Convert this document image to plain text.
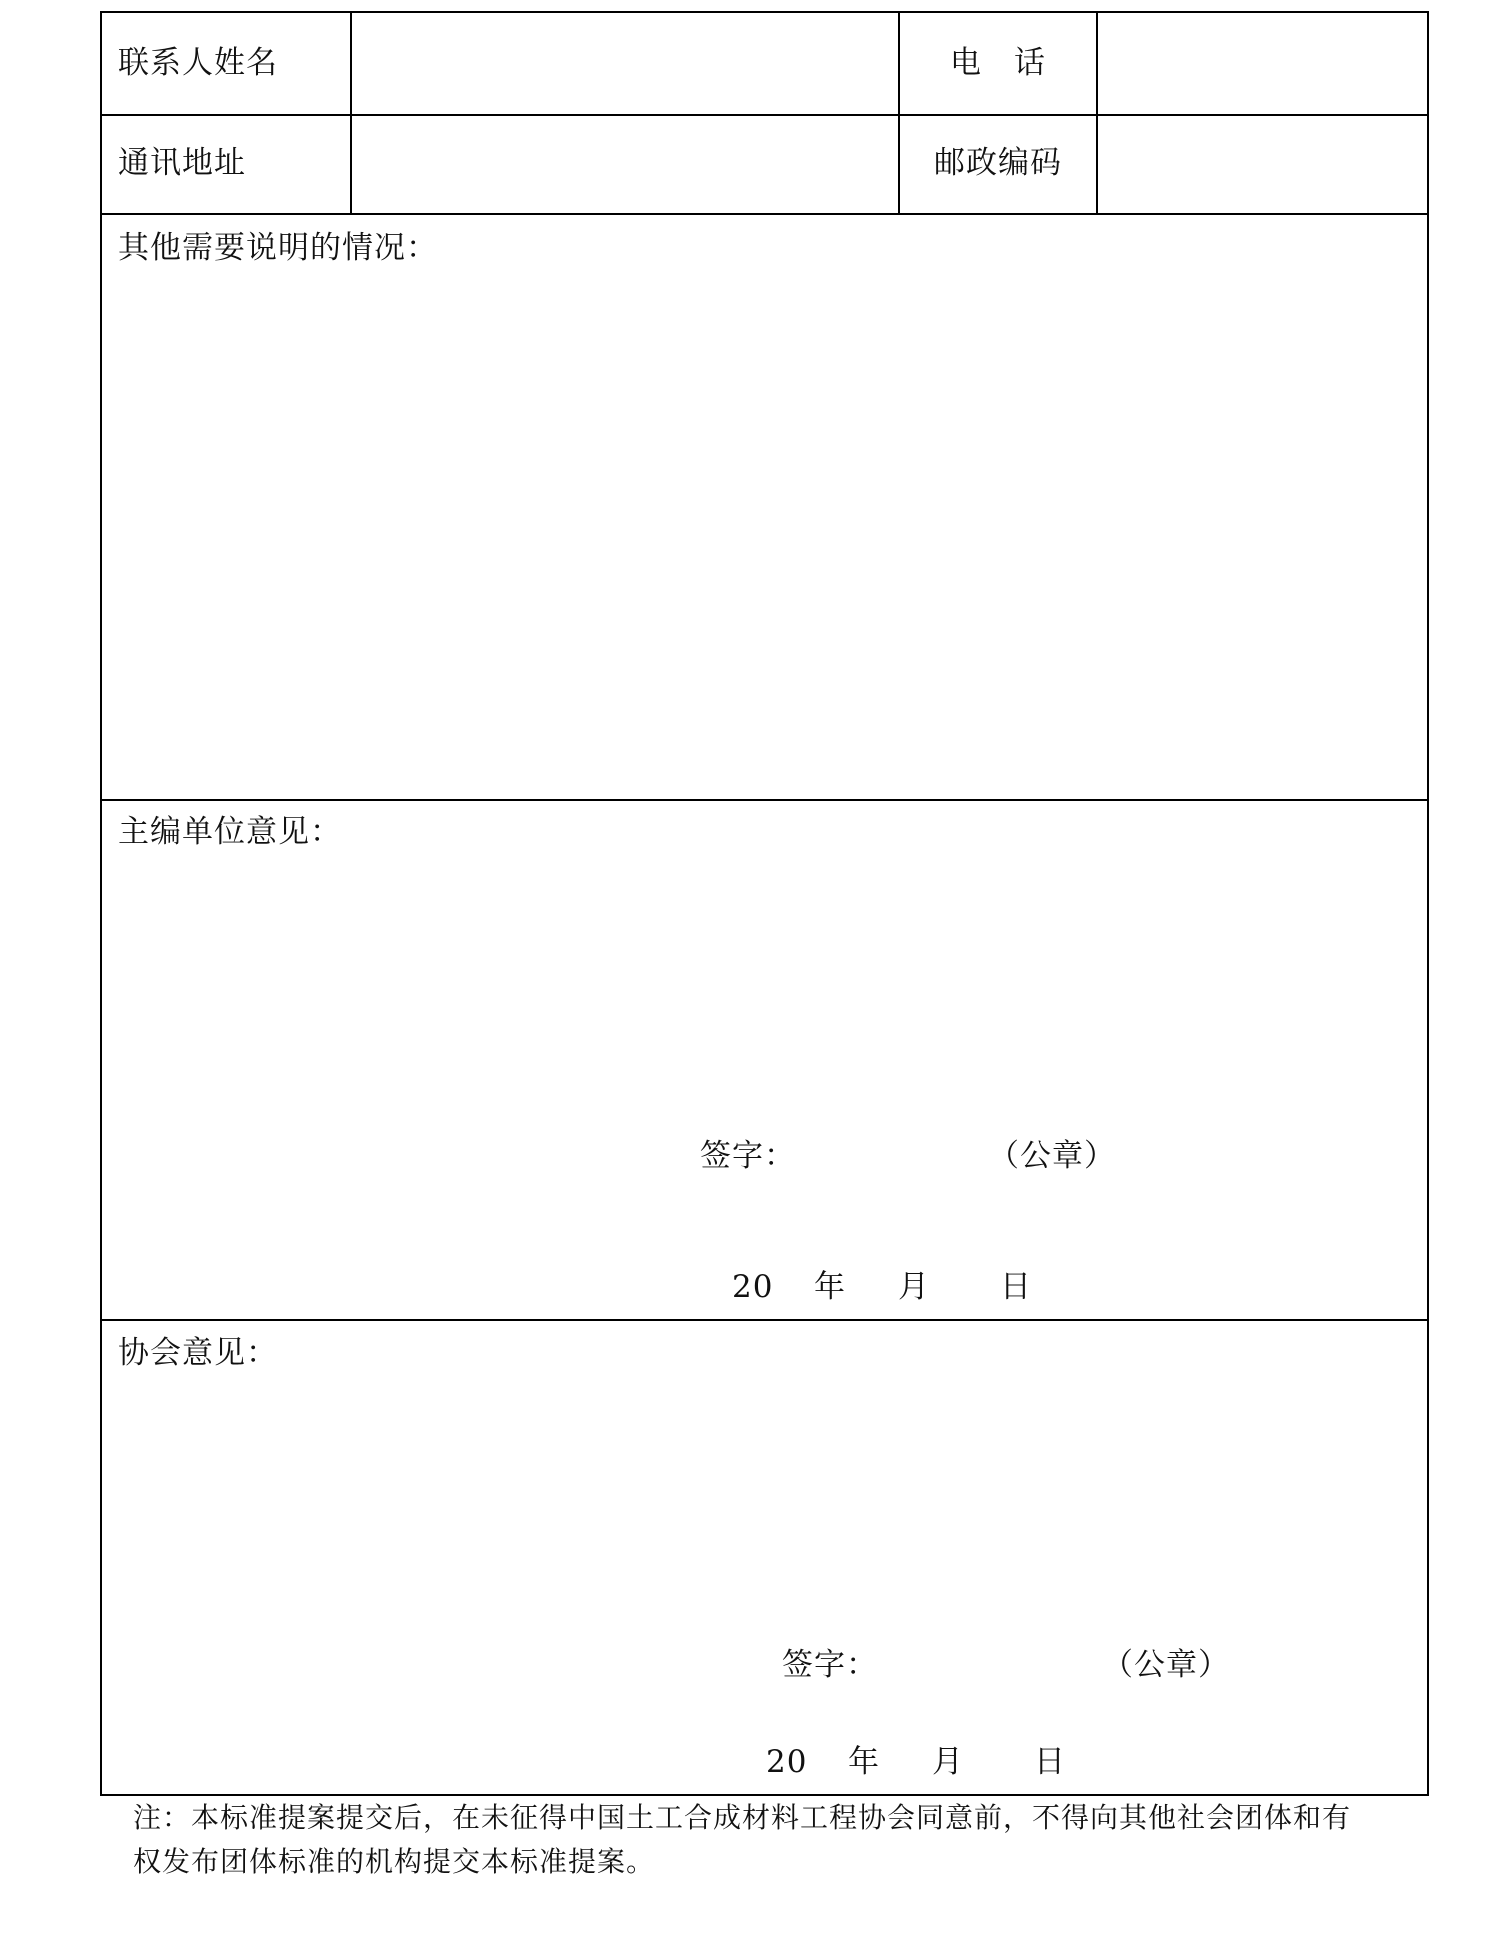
联系人姓名	电　话
通讯地址	邮政编码
其他需要说明的情况：
主编单位意见：
签字：	（公章）
20 年 月 日
协会意见：
签字：	（公章）
20 年 月 日
注：本标准提案提交后，在未征得中国土工合成材料工程协会同意前，不得向其他社会团体和有
权发布团体标准的机构提交本标准提案。
